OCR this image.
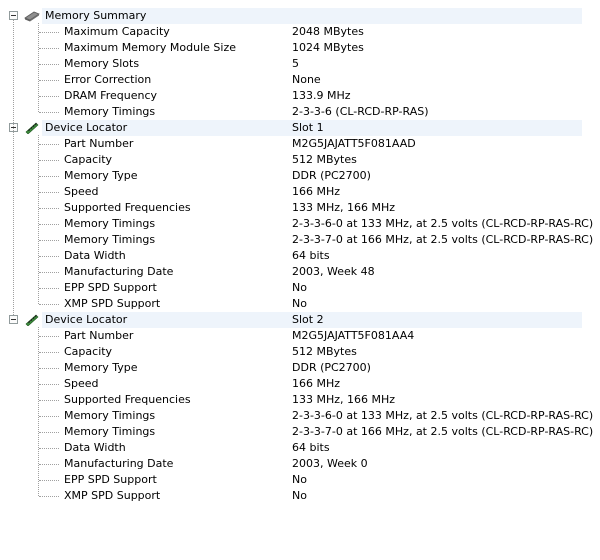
Memory Summary
Maximum Capacity	2048 MBytes
Maximum Memory Module Size	1024 MBytes
Memory Slots	5
Error Correction	None
DRAM Frequency	133.9 MHz
Memory Timings	2-3-3-6 (CL-RCD-RP-RAS)
Device Locator	Slot 1
Part Number	M2G5JAJATT5F081AAD
Capacity	512 MBytes
Memory Type	DDR (PC2700)
Speed	166 MHz
Supported Frequencies	133 MHz, 166 MHz
Memory Timings	2-3-3-6-0 at 133 MHz, at 2.5 volts (CL-RCD-RP-RAS-RC)
Memory Timings	2-3-3-7-0 at 166 MHz, at 2.5 volts (CL-RCD-RP-RAS-RC)
Data Width	64 bits
Manufacturing Date	2003, Week 48
EPP SPD Support	No
XMP SPD Support	No
Device Locator	Slot 2
Part Number	M2G5JAJATT5F081AA4
Capacity	512 MBytes
Memory Type	DDR (PC2700)
Speed	166 MHz
Supported Frequencies	133 MHz, 166 MHz
Memory Timings	2-3-3-6-0 at 133 MHz, at 2.5 volts (CL-RCD-RP-RAS-RC)
Memory Timings	2-3-3-7-0 at 166 MHz, at 2.5 volts (CL-RCD-RP-RAS-RC)
Data Width	64 bits
Manufacturing Date	2003, Week 0
EPP SPD Support	No
XMP SPD Support	No
